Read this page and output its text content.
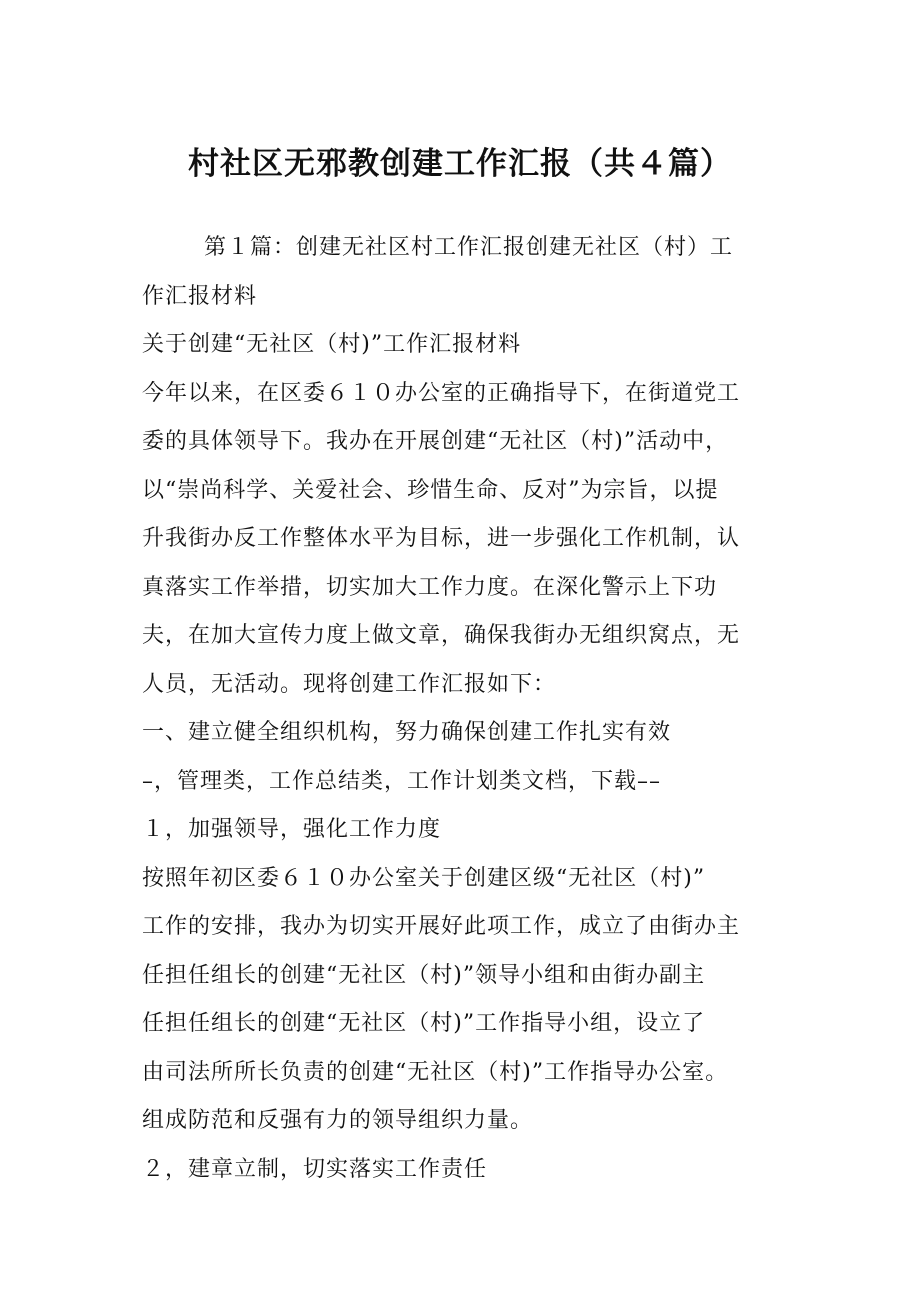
村社区无邪教创建工作汇报（共４篇）

第１篇：创建无社区村工作汇报创建无社区（村）工

作汇报材料

关于创建“无社区（村)”工作汇报材料

今年以来，在区委６１０办公室的正确指导下，在街道党工

委的具体领导下。我办在开展创建“无社区（村)”活动中，

以“崇尚科学、关爱社会、珍惜生命、反对”为宗旨，以提

升我街办反工作整体水平为目标，进一步强化工作机制，认

真落实工作举措，切实加大工作力度。在深化警示上下功

夫，在加大宣传力度上做文章，确保我街办无组织窝点，无

人员，无活动。现将创建工作汇报如下：

一、建立健全组织机构，努力确保创建工作扎实有效

–，管理类，工作总结类，工作计划类文档，下载––

１，加强领导，强化工作力度

按照年初区委６１０办公室关于创建区级“无社区（村)”

工作的安排，我办为切实开展好此项工作，成立了由街办主

任担任组长的创建“无社区（村)”领导小组和由街办副主

任担任组长的创建“无社区（村)”工作指导小组，设立了

由司法所所长负责的创建“无社区（村)”工作指导办公室。

组成防范和反强有力的领导组织力量。

２，建章立制，切实落实工作责任
